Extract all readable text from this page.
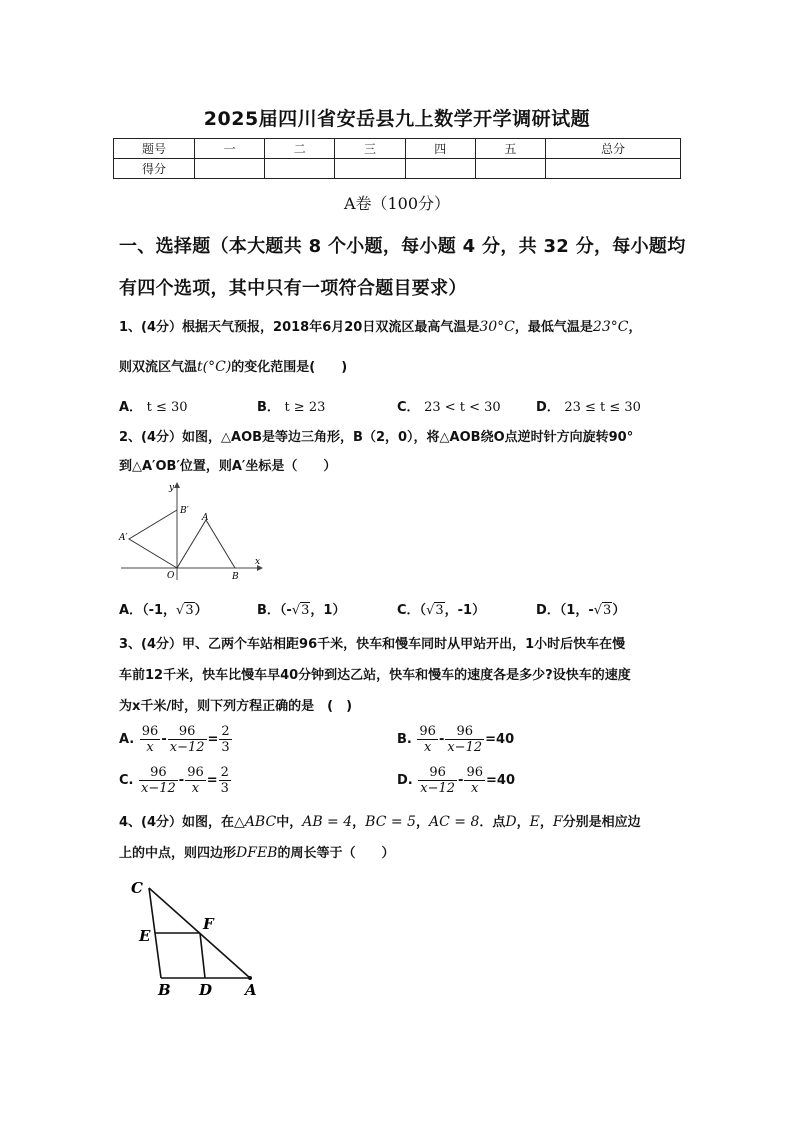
2025届四川省安岳县九上数学开学调研试题
题号	一	二	三	四	五	总分
得分						
A卷（100分）
一、选择题（本大题共 8 个小题，每小题 4 分，共 32 分，每小题均
有四个选项，其中只有一项符合题目要求）
1、(4分）根据天气预报，2018年6月20日双流区最高气温是30°C，最低气温是23°C，
则双流区气温t(°C)的变化范围是(　　)
A． t ≤ 30	B． t ≥ 23	C． 23 < t < 30	D． 23 ≤ t ≤ 30
2、(4分）如图，△AOB是等边三角形，B（2，0），将△AOB绕O点逆时针方向旋转90°
到△A′OB′位置，则A′坐标是（　　）
y
B′
A
A′
O	B
x
A．（-1，√3）	B．（-√3，1）	C．（√3，-1）	D．（1，-√3）
3、(4分）甲、乙两个车站相距96千米，快车和慢车同时从甲站开出，1小时后快车在慢
车前12千米，快车比慢车早40分钟到达乙站，快车和慢车的速度各是多少?设快车的速度
为x千米/时，则下列方程正确的是　(　)
A. $\frac{96}{x} - \frac{96}{x-12} = \frac{2}{3}$	B. $\frac{96}{x} - \frac{96}{x-12} =40$
C. $\frac{96}{x-12} - \frac{96}{x} = \frac{2}{3}$	D. $\frac{96}{x-12} - \frac{96}{x} =40$
4、(4分）如图，在△ABC中，AB = 4，BC = 5，AC = 8．点D，E，F分别是相应边
上的中点，则四边形DFEB的周长等于（　　）
C
F
E
B D A
